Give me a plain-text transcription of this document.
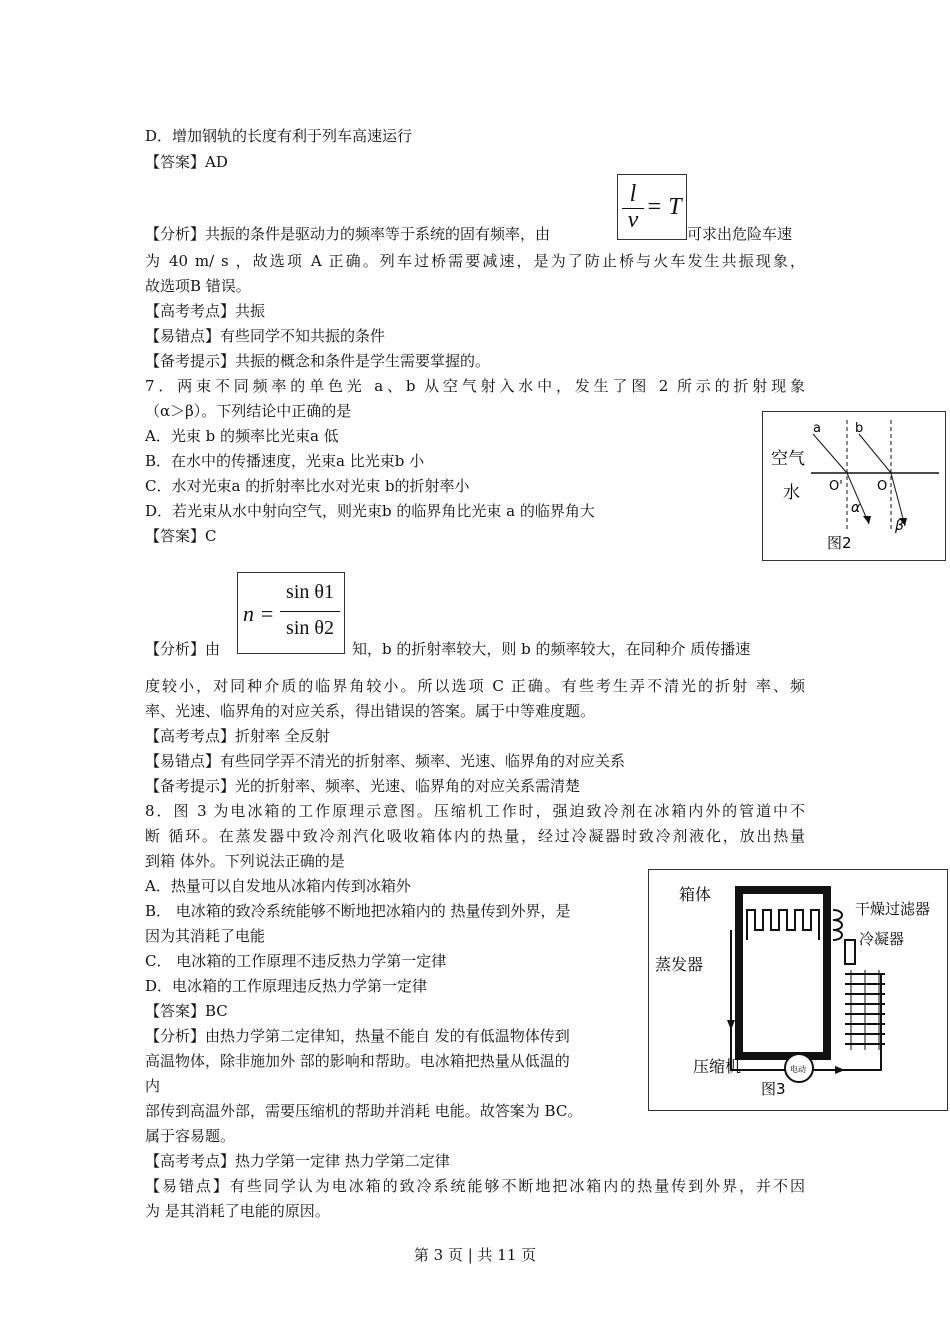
D．增加钢轨的长度有利于列车高速运行
【答案】AD
【分析】共振的条件是驱动力的频率等于系统的固有频率，由
l
v = T
可求出危险车速
为 40 m/ s ，故选项 A 正确。列车过桥需要减速，是为了防止桥与火车发生共振现象，
故选项B 错误。
【高考考点】共振
【易错点】有些同学不知共振的条件
【备考提示】共振的概念和条件是学生需要掌握的。
7．两束不同频率的单色光 a、b 从空气射入水中，发生了图 2 所示的折射现象
（α＞β）。下列结论中正确的是
A．光束 b 的频率比光束a 低
B．在水中的传播速度，光束a 比光束b 小
C．水对光束a 的折射率比水对光束 b的折射率小
D．若光束从水中射向空气，则光束b 的临界角比光束 a 的临界角大
【答案】C
a	b
空气
水 O'	O
α
β
图2
【分析】由
n =
sin θ1
sin θ2
知，b 的折射率较大，则 b 的频率较大，在同种介 质传播速
度较小，对同种介质的临界角较小。所以选项 C 正确。有些考生弄不清光的折射 率、频
率、光速、临界角的对应关系，得出错误的答案。属于中等难度题。
【高考考点】折射率 全反射
【易错点】有些同学弄不清光的折射率、频率、光速、临界角的对应关系
【备考提示】光的折射率、频率、光速、临界角的对应关系需清楚
8．图 3 为电冰箱的工作原理示意图。压缩机工作时，强迫致冷剂在冰箱内外的管道中不
断 循环。在蒸发器中致冷剂汽化吸收箱体内的热量，经过冷凝器时致冷剂液化，放出热量
到箱 体外。下列说法正确的是
A．热量可以自发地从冰箱内传到冰箱外
B． 电冰箱的致冷系统能够不断地把冰箱内的 热量传到外界，是
因为其消耗了电能
C． 电冰箱的工作原理不违反热力学第一定律
D．电冰箱的工作原理违反热力学第一定律
【答案】BC
【分析】由热力学第二定律知，热量不能自 发的有低温物体传到
高温物体，除非施加外 部的影响和帮助。电冰箱把热量从低温的
内
部传到高温外部，需要压缩机的帮助并消耗 电能。故答案为 BC。
属于容易题。
【高考考点】热力学第一定律 热力学第二定律
【易错点】有些同学认为电冰箱的致冷系统能够不断地把冰箱内的热量传到外界，并不因
为 是其消耗了电能的原因。
电动
箱体
干燥过滤器
冷凝器
蒸发器
压缩机
图3
第 3 页 | 共 11 页
